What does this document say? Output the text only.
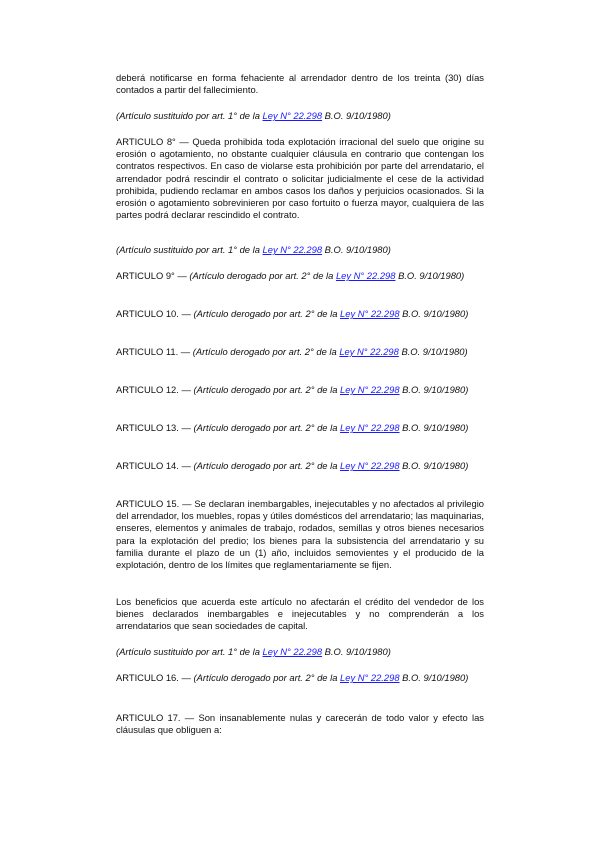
deberá notificarse en forma fehaciente al arrendador dentro de los treinta (30) días contados a partir del fallecimiento.

(Artículo sustituido por art. 1° de la Ley N° 22.298 B.O. 9/10/1980)

ARTICULO 8° — Queda prohibida toda explotación irracional del suelo que origine su erosión o agotamiento, no obstante cualquier cláusula en contrario que contengan los contratos respectivos. En caso de violarse esta prohibición por parte del arrendatario, el arrendador podrá rescindir el contrato o solicitar judicialmente el cese de la actividad prohibida, pudiendo reclamar en ambos casos los daños y perjuicios ocasionados. Si la erosión o agotamiento sobrevinieren por caso fortuito o fuerza mayor, cualquiera de las partes podrá declarar rescindido el contrato.

(Artículo sustituido por art. 1° de la Ley N° 22.298 B.O. 9/10/1980)

ARTICULO 9° — (Artículo derogado por art. 2° de la Ley N° 22.298 B.O. 9/10/1980)

ARTICULO 10. — (Artículo derogado por art. 2° de la Ley N° 22.298 B.O. 9/10/1980)

ARTICULO 11. — (Artículo derogado por art. 2° de la Ley N° 22.298 B.O. 9/10/1980)

ARTICULO 12. — (Artículo derogado por art. 2° de la Ley N° 22.298 B.O. 9/10/1980)

ARTICULO 13. — (Artículo derogado por art. 2° de la Ley N° 22.298 B.O. 9/10/1980)

ARTICULO 14. — (Artículo derogado por art. 2° de la Ley N° 22.298 B.O. 9/10/1980)

ARTICULO 15. — Se declaran inembargables, inejecutables y no afectados al privilegio del arrendador, los muebles, ropas y útiles domésticos del arrendatario; las maquinarias, enseres, elementos y animales de trabajo, rodados, semillas y otros bienes necesarios para la explotación del predio; los bienes para la subsistencia del arrendatario y su familia durante el plazo de un (1) año, incluidos semovientes y el producido de la explotación, dentro de los límites que reglamentariamente se fijen.

Los beneficios que acuerda este artículo no afectarán el crédito del vendedor de los bienes declarados inembargables e inejecutables y no comprenderán a los arrendatarios que sean sociedades de capital.

(Artículo sustituido por art. 1° de la Ley N° 22.298 B.O. 9/10/1980)

ARTICULO 16. — (Artículo derogado por art. 2° de la Ley N° 22.298 B.O. 9/10/1980)

ARTICULO 17. — Son insanablemente nulas y carecerán de todo valor y efecto las cláusulas que obliguen a:
